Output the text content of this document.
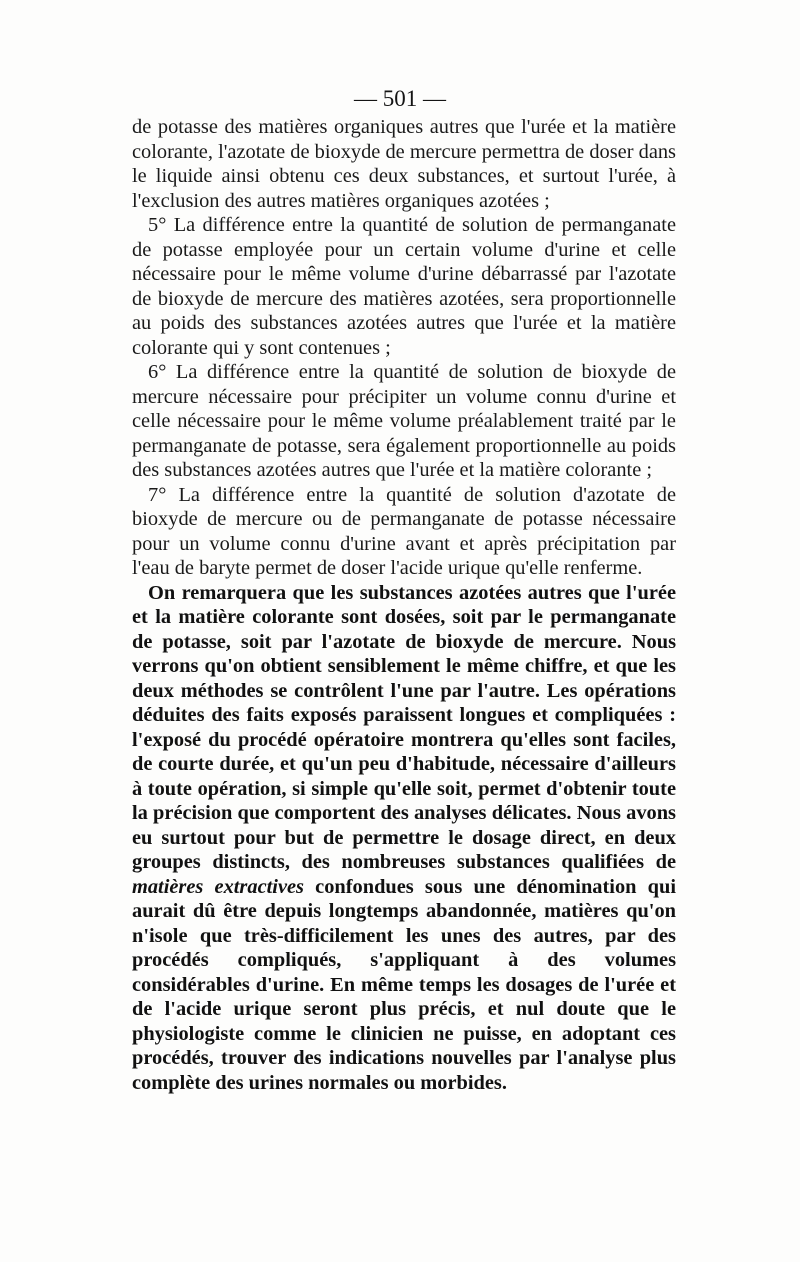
— 501 —

de potasse des matières organiques autres que l'urée et la matière colorante, l'azotate de bioxyde de mercure permettra de doser dans le liquide ainsi obtenu ces deux substances, et surtout l'urée, à l'exclusion des autres matières organiques azotées ;

5° La différence entre la quantité de solution de permanganate de potasse employée pour un certain volume d'urine et celle nécessaire pour le même volume d'urine débarrassé par l'azotate de bioxyde de mercure des matières azotées, sera proportionnelle au poids des substances azotées autres que l'urée et la matière colorante qui y sont contenues ;

6° La différence entre la quantité de solution de bioxyde de mercure nécessaire pour précipiter un volume connu d'urine et celle nécessaire pour le même volume préalablement traité par le permanganate de potasse, sera également proportionnelle au poids des substances azotées autres que l'urée et la matière colorante ;

7° La différence entre la quantité de solution d'azotate de bioxyde de mercure ou de permanganate de potasse nécessaire pour un volume connu d'urine avant et après précipitation par l'eau de baryte permet de doser l'acide urique qu'elle renferme.

On remarquera que les substances azotées autres que l'urée et la matière colorante sont dosées, soit par le permanganate de potasse, soit par l'azotate de bioxyde de mercure. Nous verrons qu'on obtient sensiblement le même chiffre, et que les deux méthodes se contrôlent l'une par l'autre. Les opérations déduites des faits exposés paraissent longues et compliquées : l'exposé du procédé opératoire montrera qu'elles sont faciles, de courte durée, et qu'un peu d'habitude, nécessaire d'ailleurs à toute opération, si simple qu'elle soit, permet d'obtenir toute la précision que comportent des analyses délicates. Nous avons eu surtout pour but de permettre le dosage direct, en deux groupes distincts, des nombreuses substances qualifiées de matières extractives confondues sous une dénomination qui aurait dû être depuis longtemps abandonnée, matières qu'on n'isole que très-difficilement les unes des autres, par des procédés compliqués, s'appliquant à des volumes considérables d'urine. En même temps les dosages de l'urée et de l'acide urique seront plus précis, et nul doute que le physiologiste comme le clinicien ne puisse, en adoptant ces procédés, trouver des indications nouvelles par l'analyse plus complète des urines normales ou morbides.
